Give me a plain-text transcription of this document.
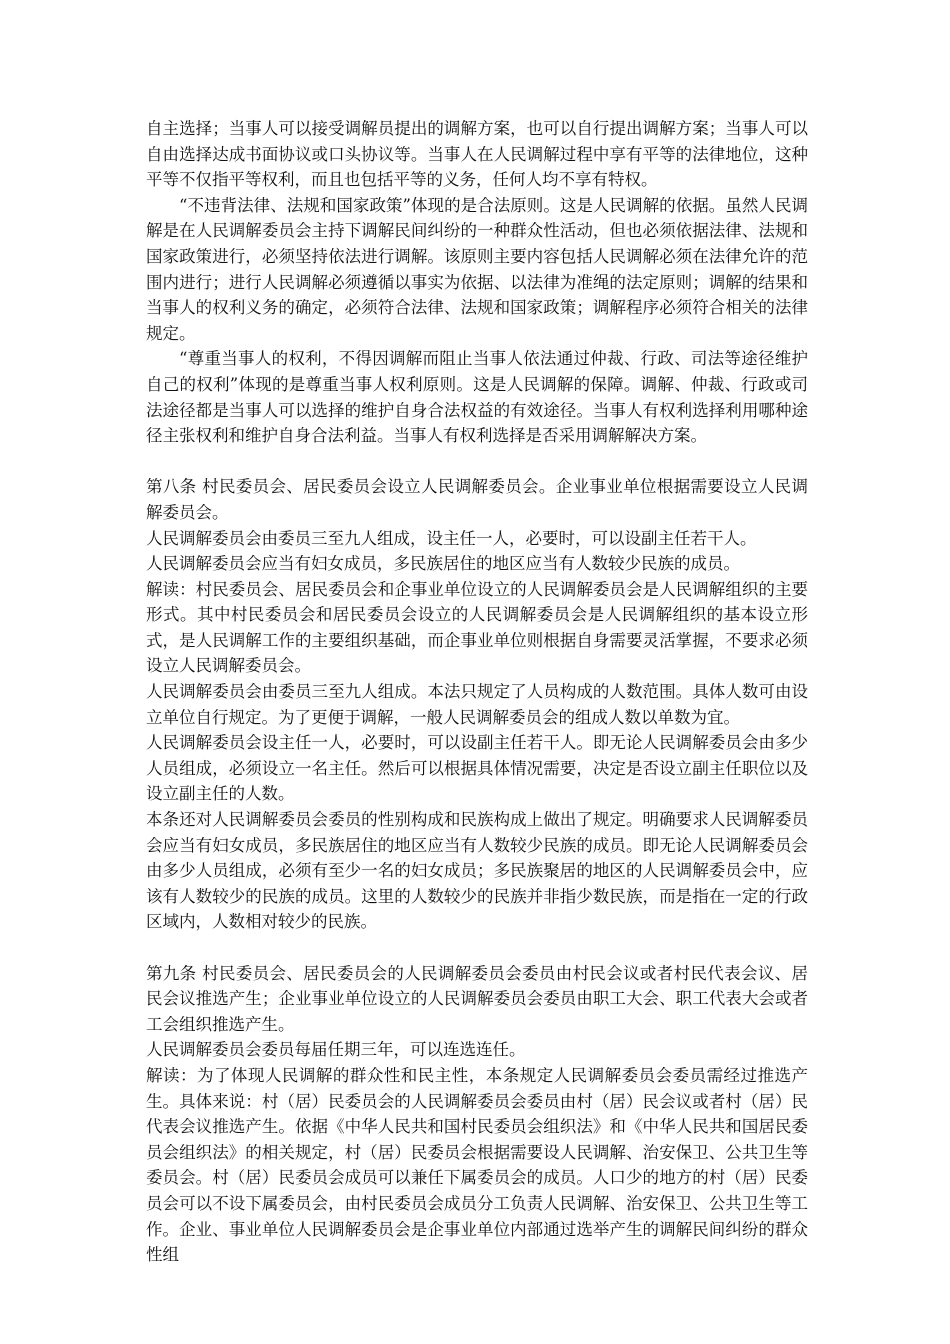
自主选择；当事人可以接受调解员提出的调解方案，也可以自行提出调解方案；当事人可以自由选择达成书面协议或口头协议等。当事人在人民调解过程中享有平等的法律地位，这种平等不仅指平等权利，而且也包括平等的义务，任何人均不享有特权。

“不违背法律、法规和国家政策”体现的是合法原则。这是人民调解的依据。虽然人民调解是在人民调解委员会主持下调解民间纠纷的一种群众性活动，但也必须依据法律、法规和国家政策进行，必须坚持依法进行调解。该原则主要内容包括人民调解必须在法律允许的范围内进行；进行人民调解必须遵循以事实为依据、以法律为准绳的法定原则；调解的结果和当事人的权利义务的确定，必须符合法律、法规和国家政策；调解程序必须符合相关的法律规定。

“尊重当事人的权利，不得因调解而阻止当事人依法通过仲裁、行政、司法等途径维护自己的权利”体现的是尊重当事人权利原则。这是人民调解的保障。调解、仲裁、行政或司法途径都是当事人可以选择的维护自身合法权益的有效途径。当事人有权利选择利用哪种途径主张权利和维护自身合法利益。当事人有权利选择是否采用调解解决方案。

第八条 村民委员会、居民委员会设立人民调解委员会。企业事业单位根据需要设立人民调解委员会。

人民调解委员会由委员三至九人组成，设主任一人，必要时，可以设副主任若干人。

人民调解委员会应当有妇女成员，多民族居住的地区应当有人数较少民族的成员。

解读：村民委员会、居民委员会和企事业单位设立的人民调解委员会是人民调解组织的主要形式。其中村民委员会和居民委员会设立的人民调解委员会是人民调解组织的基本设立形式，是人民调解工作的主要组织基础，而企事业单位则根据自身需要灵活掌握，不要求必须设立人民调解委员会。

人民调解委员会由委员三至九人组成。本法只规定了人员构成的人数范围。具体人数可由设立单位自行规定。为了更便于调解，一般人民调解委员会的组成人数以单数为宜。

人民调解委员会设主任一人，必要时，可以设副主任若干人。即无论人民调解委员会由多少人员组成，必须设立一名主任。然后可以根据具体情况需要，决定是否设立副主任职位以及设立副主任的人数。

本条还对人民调解委员会委员的性别构成和民族构成上做出了规定。明确要求人民调解委员会应当有妇女成员，多民族居住的地区应当有人数较少民族的成员。即无论人民调解委员会由多少人员组成，必须有至少一名的妇女成员；多民族聚居的地区的人民调解委员会中，应该有人数较少的民族的成员。这里的人数较少的民族并非指少数民族，而是指在一定的行政区域内，人数相对较少的民族。

第九条 村民委员会、居民委员会的人民调解委员会委员由村民会议或者村民代表会议、居民会议推选产生；企业事业单位设立的人民调解委员会委员由职工大会、职工代表大会或者工会组织推选产生。

人民调解委员会委员每届任期三年，可以连选连任。

解读：为了体现人民调解的群众性和民主性，本条规定人民调解委员会委员需经过推选产生。具体来说：村（居）民委员会的人民调解委员会委员由村（居）民会议或者村（居）民代表会议推选产生。依据《中华人民共和国村民委员会组织法》和《中华人民共和国居民委员会组织法》的相关规定，村（居）民委员会根据需要设人民调解、治安保卫、公共卫生等委员会。村（居）民委员会成员可以兼任下属委员会的成员。人口少的地方的村（居）民委员会可以不设下属委员会，由村民委员会成员分工负责人民调解、治安保卫、公共卫生等工作。企业、事业单位人民调解委员会是企事业单位内部通过选举产生的调解民间纠纷的群众性组
